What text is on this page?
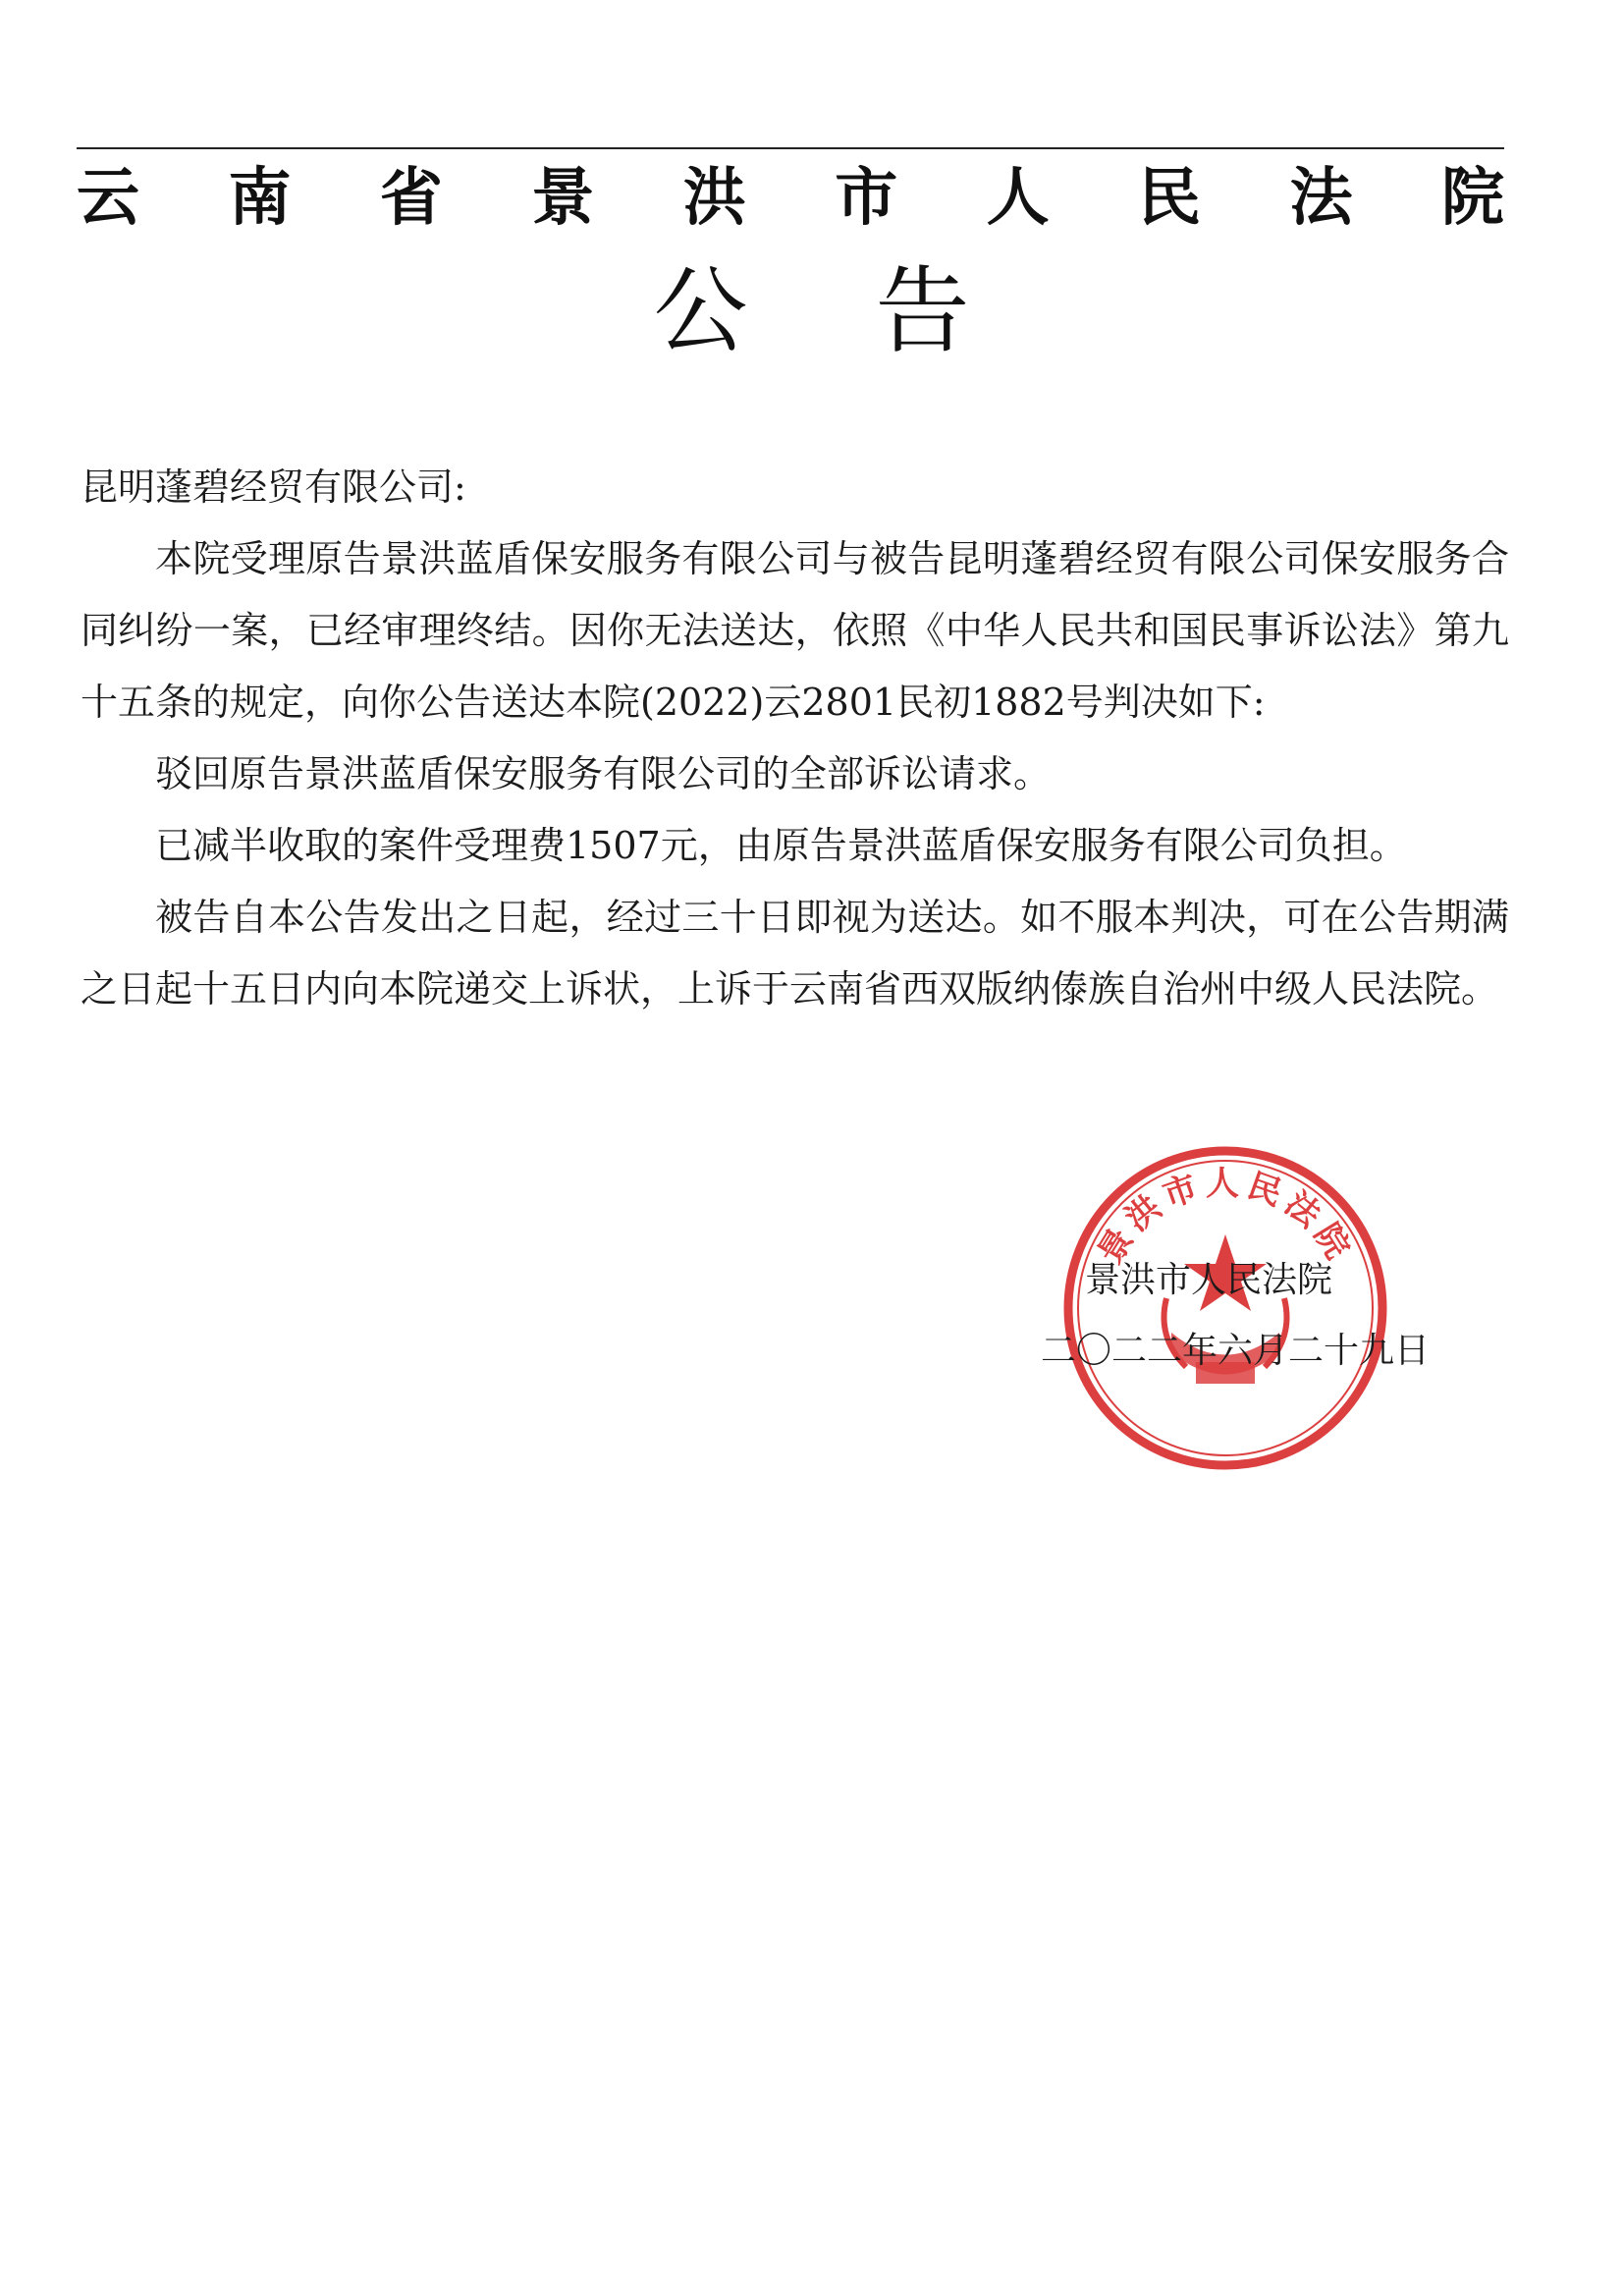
云 南 省 景 洪 市 人 民 法 院
公 告

昆明蓬碧经贸有限公司:

本院受理原告景洪蓝盾保安服务有限公司与被告昆明蓬碧经贸有限公司保安服务合同纠纷一案，已经审理终结。因你无法送达，依照《中华人民共和国民事诉讼法》第九十五条的规定，向你公告送达本院(2022)云2801民初1882号判决如下:

驳回原告景洪蓝盾保安服务有限公司的全部诉讼请求。

已减半收取的案件受理费1507元，由原告景洪蓝盾保安服务有限公司负担。

被告自本公告发出之日起，经过三十日即视为送达。如不服本判决，可在公告期满之日起十五日内向本院递交上诉状，上诉于云南省西双版纳傣族自治州中级人民法院。

景洪市人民法院
景洪市人民法院
二〇二二年六月二十九日
